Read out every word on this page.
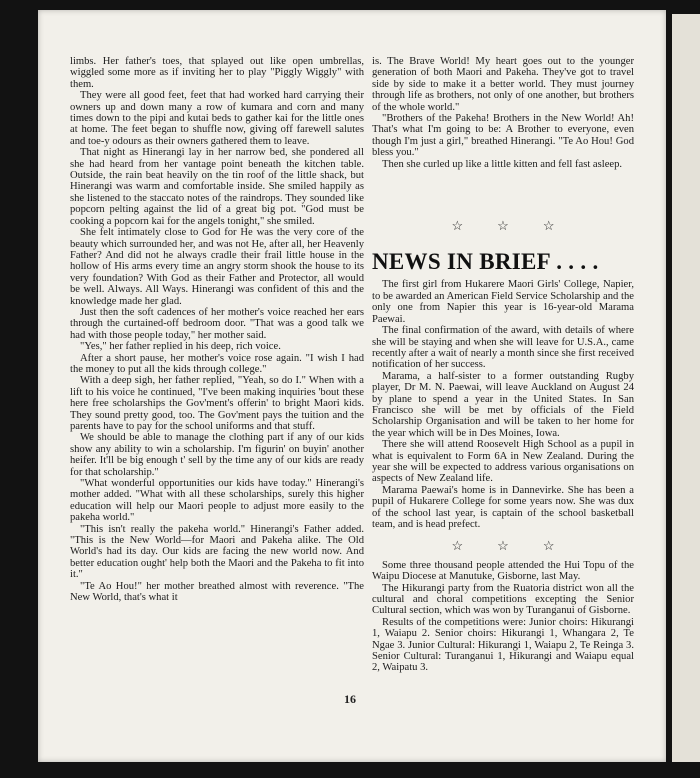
limbs. Her father's toes, that splayed out like open umbrellas, wiggled some more as if inviting her to play "Piggly Wiggly" with them.

They were all good feet, feet that had worked hard carrying their owners up and down many a row of kumara and corn and many times down to the pipi and kutai beds to gather kai for the little ones at home. The feet began to shuffle now, giving off farewell salutes and toe-y odours as their owners gathered them to leave.

That night as Hinerangi lay in her narrow bed, she pondered all she had heard from her vantage point beneath the kitchen table. Outside, the rain beat heavily on the tin roof of the little shack, but Hinerangi was warm and comfortable inside. She smiled happily as she listened to the staccato notes of the raindrops. They sounded like popcorn pelting against the lid of a great big pot. "God must be cooking a popcorn kai for the angels tonight," she smiled.

She felt intimately close to God for He was the very core of the beauty which surrounded her, and was not He, after all, her Heavenly Father? And did not he always cradle their frail little house in the hollow of His arms every time an angry storm shook the house to its very foundation? With God as their Father and Protector, all would be well. Always. All Ways. Hinerangi was confident of this and the knowledge made her glad.

Just then the soft cadences of her mother's voice reached her ears through the curtained-off bedroom door. "That was a good talk we had with those people today," her mother said.

"Yes," her father replied in his deep, rich voice.

After a short pause, her mother's voice rose again. "I wish I had the money to put all the kids through college."

With a deep sigh, her father replied, "Yeah, so do I." When with a lift to his voice he continued, "I've been making inquiries 'bout these here free scholarships the Gov'ment's offerin' to bright Maori kids. They sound pretty good, too. The Gov'ment pays the tuition and the parents have to pay for the school uniforms and that stuff.

We should be able to manage the clothing part if any of our kids show any ability to win a scholarship. I'm figurin' on buyin' another heifer. It'll be big enough t' sell by the time any of our kids are ready for that scholarship."

"What wonderful opportunities our kids have today." Hinerangi's mother added. "What with all these scholarships, surely this higher education will help our Maori people to adjust more easily to the pakeha world."

"This isn't really the pakeha world." Hinerangi's Father added. "This is the New World—for Maori and Pakeha alike. The Old World's had its day. Our kids are facing the new world now. And better education ought' help both the Maori and the Pakeha to fit into it."

"Te Ao Hou!" her mother breathed almost with reverence. "The New World, that's what it

is. The Brave World! My heart goes out to the younger generation of both Maori and Pakeha. They've got to travel side by side to make it a better world. They must journey through life as brothers, not only of one another, but brothers of the whole world."

"Brothers of the Pakeha! Brothers in the New World! Ah! That's what I'm going to be: A Brother to everyone, even though I'm just a girl," breathed Hinerangi. "Te Ao Hou! God bless you."

Then she curled up like a little kitten and fell fast asleep.

☆	☆	☆
NEWS IN BRIEF . . . .

The first girl from Hukarere Maori Girls' College, Napier, to be awarded an American Field Service Scholarship and the only one from Napier this year is 16-year-old Marama Paewai.

The final confirmation of the award, with details of where she will be staying and when she will leave for U.S.A., came recently after a wait of nearly a month since she first received notification of her success.

Marama, a half-sister to a former outstanding Rugby player, Dr M. N. Paewai, will leave Auckland on August 24 by plane to spend a year in the United States. In San Francisco she will be met by officials of the Field Scholarship Organisation and will be taken to her home for the year which will be in Des Moines, Iowa.

There she will attend Roosevelt High School as a pupil in what is equivalent to Form 6A in New Zealand. During the year she will be expected to address various organisations on aspects of New Zealand life.

Marama Paewai's home is in Dannevirke. She has been a pupil of Hukarere College for some years now. She was dux of the school last year, is captain of the school basketball team, and is head prefect.

☆	☆	☆

Some three thousand people attended the Hui Topu of the Waipu Diocese at Manutuke, Gisborne, last May.

The Hikurangi party from the Ruatoria district won all the cultural and choral competitions excepting the Senior Cultural section, which was won by Turanganui of Gisborne.

Results of the competitions were: Junior choirs: Hikurangi 1, Waiapu 2. Senior choirs: Hikurangi 1, Whangara 2, Te Ngae 3. Junior Cultural: Hikurangi 1, Waiapu 2, Te Reinga 3. Senior Cultural: Turanganui 1, Hikurangi and Waiapu equal 2, Waipatu 3.

16
